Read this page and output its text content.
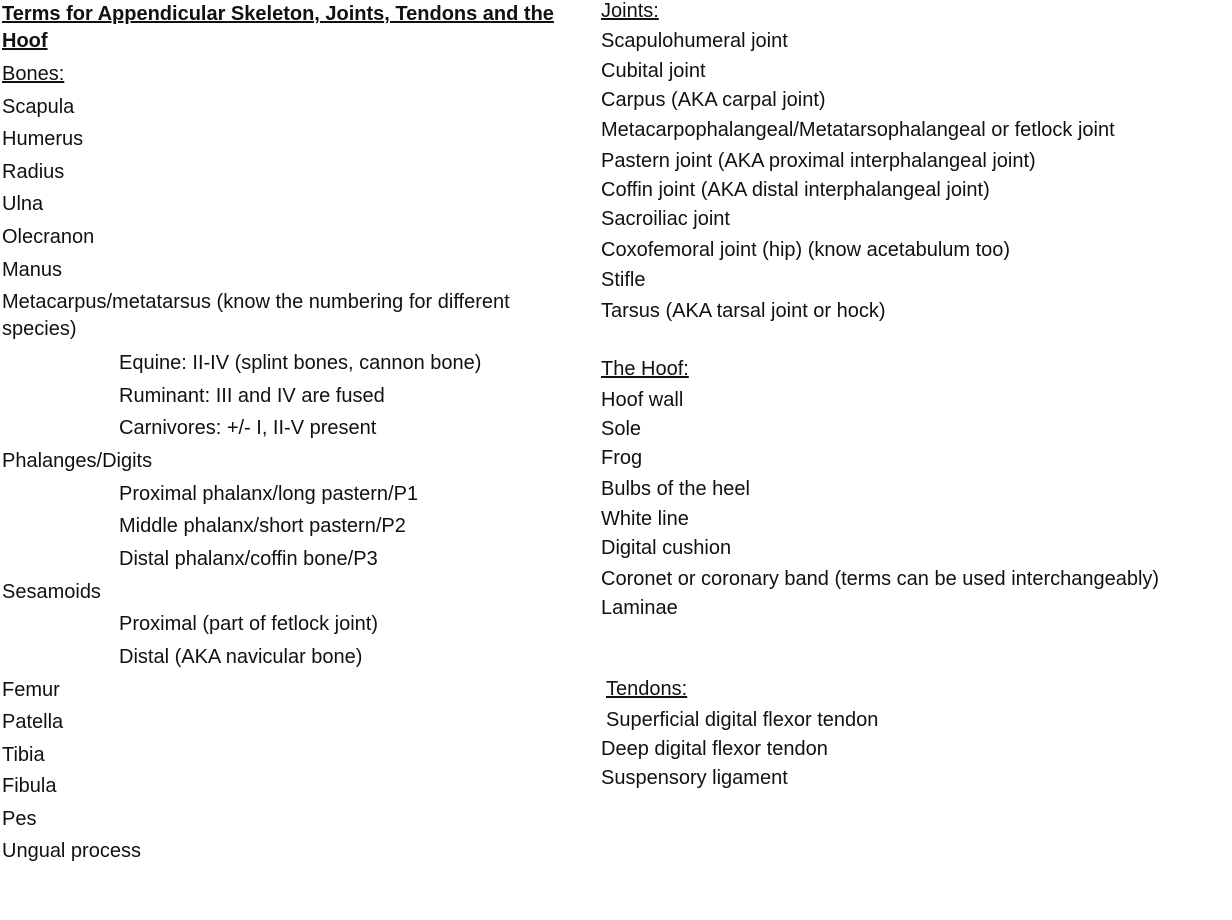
Terms for Appendicular Skeleton, Joints, Tendons and the Hoof
Bones:
Scapula
Humerus
Radius
Ulna
Olecranon
Manus
Metacarpus/metatarsus (know the numbering for different species)
Equine: II-IV (splint bones, cannon bone)
Ruminant: III and IV are fused
Carnivores: +/- I, II-V present
Phalanges/Digits
Proximal phalanx/long pastern/P1
Middle phalanx/short pastern/P2
Distal phalanx/coffin bone/P3
Sesamoids
Proximal (part of fetlock joint)
Distal (AKA navicular bone)
Femur
Patella
Tibia
Fibula
Pes
Ungual process
Joints:
Scapulohumeral joint
Cubital joint
Carpus (AKA carpal joint)
Metacarpophalangeal/Metatarsophalangeal or fetlock joint
Pastern joint (AKA proximal interphalangeal joint)
Coffin joint (AKA distal interphalangeal joint)
Sacroiliac joint
Coxofemoral joint (hip) (know acetabulum too)
Stifle
Tarsus (AKA tarsal joint or hock)
The Hoof:
Hoof wall
Sole
Frog
Bulbs of the heel
White line
Digital cushion
Coronet or coronary band (terms can be used interchangeably)
Laminae
Tendons:
Superficial digital flexor tendon
Deep digital flexor tendon
Suspensory ligament
